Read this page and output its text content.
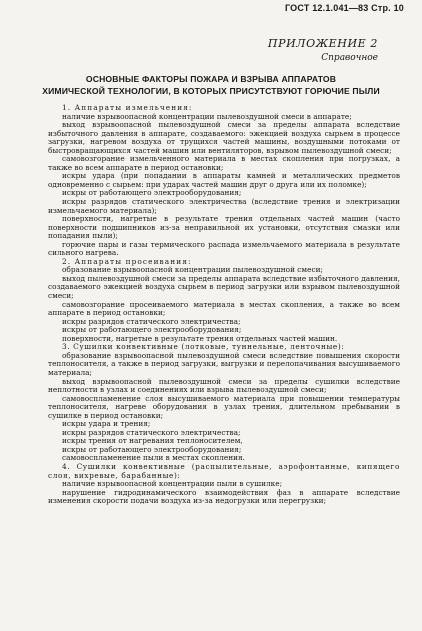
ГОСТ 12.1.041—83 Стр. 10
ПРИЛОЖЕНИЕ 2
Справочное
ОСНОВНЫЕ ФАКТОРЫ ПОЖАРА И ВЗРЫВА АППАРАТОВ
ХИМИЧЕСКОЙ ТЕХНОЛОГИИ, В КОТОРЫХ ПРИСУТСТВУЮТ ГОРЮЧИЕ ПЫЛИ

1. Аппараты измельчения:

наличие взрывоопасной концентрации пылевоздушной смеси в аппарате;

выход взрывоопасной пылевоздушной смеси за пределы аппарата вследствие избыточного давления в аппарате, создаваемого: эжекцией воздуха сырьем в процессе загрузки, нагревом воздуха от трущихся частей машины, воздушными потоками от быстровращающихся частей машин или вентиляторов, взрывом пылевоздушной смеси;

самовозгорание измельченного материала в местах скопления при погрузках, а также во всем аппарате в период остановки;

искры удара (при попадании в аппараты камней и металлических предметов одновременно с сырьем: при ударах частей машин друг о друга или их поломке);

искры от работающего электрооборудования;

искры разрядов статического электричества (вследствие трения и электризации измельчаемого материала);

поверхности, нагретые в результате трения отдельных частей машин (часто поверхности подшипников из-за неправильной их установки, отсутствия смазки или попадания пыли);

горючие пары и газы термического распада измельчаемого материала в результате сильного нагрева.

2. Аппараты просеивания:

образование взрывоопасной концентрации пылевоздушной смеси;

выход пылевоздушной смеси за пределы аппарата вследствие избыточного давления, создаваемого эжекцией воздуха сырьем в период загрузки или взрывом пылевоздушной смеси;

самовозгорание просеиваемого материала в местах скопления, а также во всем аппарате в период остановки;

искры разрядов статического электричества;

искры от работающего электрооборудования;

поверхности, нагретые в результате трения отдельных частей машин.

3. Сушилки конвективные (лотковые, туннельные, ленточные):

образование взрывоопасной пылевоздушной смеси вследствие повышения скорости теплоносителя, а также в период загрузки, выгрузки и перелопачивания высушиваемого материала;

выход взрывоопасной пылевоздушной смеси за пределы сушилки вследствие неплотности в узлах и соединениях или взрыва пылевоздушной смеси;

самовоспламенение слоя высушиваемого материала при повышении температуры теплоносителя, нагреве оборудования в узлах трения, длительном пребывании в сушилке в период остановки;

искры удара и трения;

искры разрядов статического электричества;

искры трения от нагревания теплоносителем,

искры от работающего электрооборудования;

самовоспламенение пыли в местах скопления.

4. Сушилки конвективные (распылительные, аэрофонтанные, кипящего слоя, вихревые, барабанные):

наличие взрывоопасной концентрации пыли в сушилке;

нарушение гидродинамического взаимодействия фаз в аппарате вследствие изменения скорости подачи воздуха из-за недогрузки или перегрузки;
